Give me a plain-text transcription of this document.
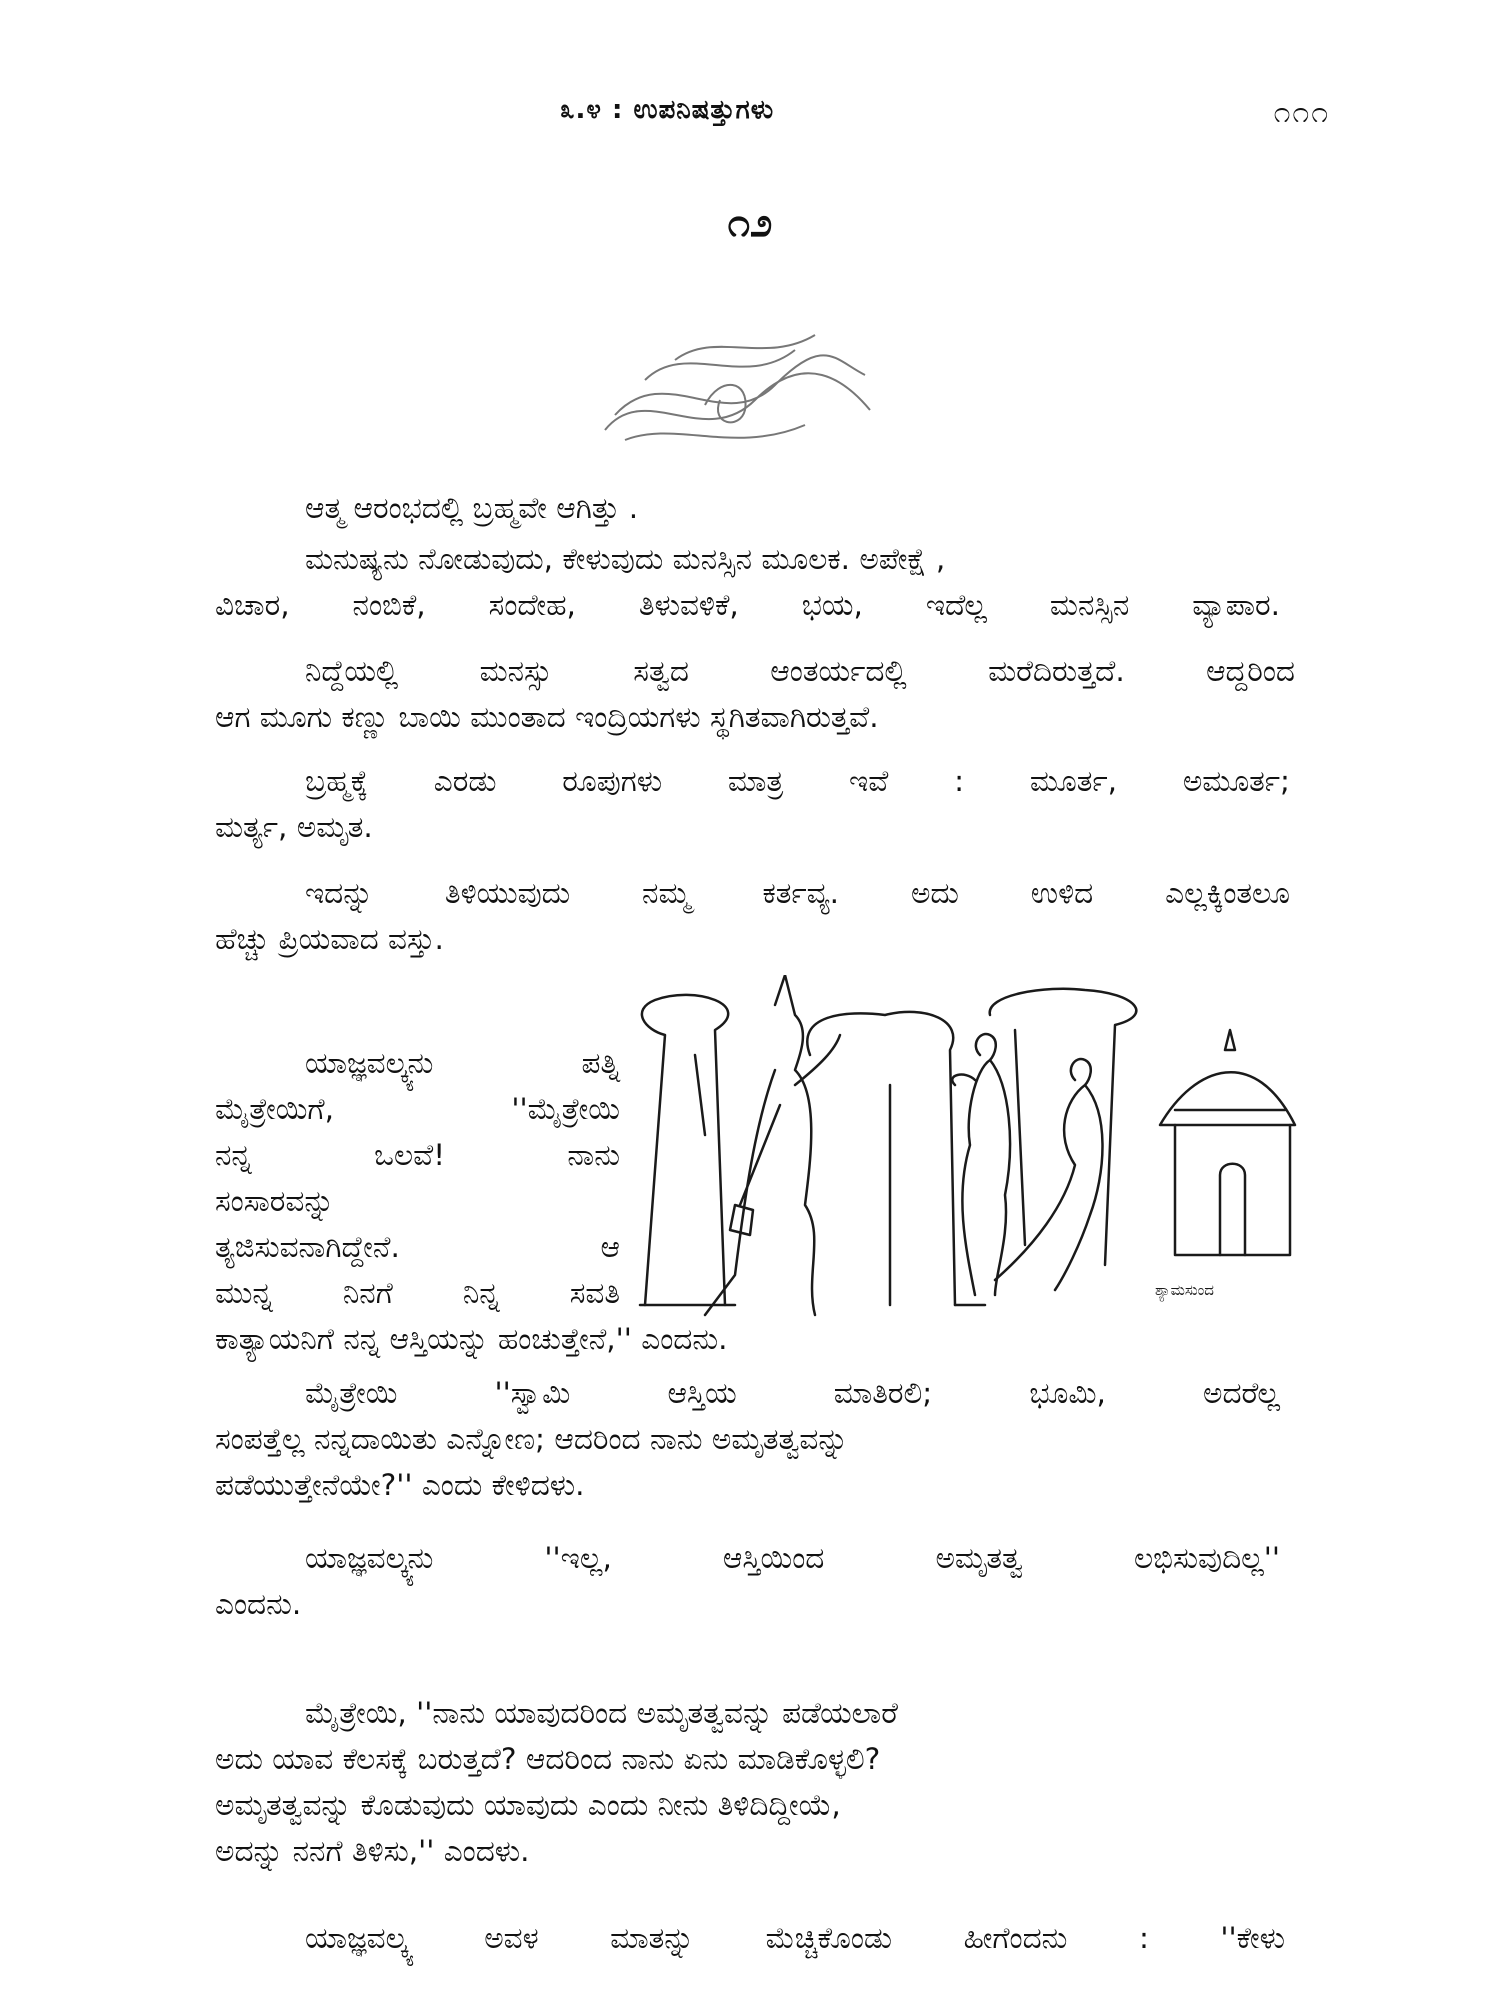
೩.೪ : ಉಪನಿಷತ್ತುಗಳು	೧೧೧
೧೨
ಆತ್ಮ ಆರಂಭದಲ್ಲಿ ಬ್ರಹ್ಮವೇ ಆಗಿತ್ತು .
ಮನುಷ್ಯನು ನೋಡುವುದು, ಕೇಳುವುದು ಮನಸ್ಸಿನ ಮೂಲಕ. ಅಪೇಕ್ಷೆ ,
ವಿಚಾರ, ನಂಬಿಕೆ, ಸಂದೇಹ, ತಿಳುವಳಿಕೆ, ಭಯ, ಇದೆಲ್ಲ ಮನಸ್ಸಿನ ವ್ಯಾಪಾರ.
ನಿದ್ದೆಯಲ್ಲಿ ಮನಸ್ಸು ಸತ್ವದ ಆಂತರ್ಯದಲ್ಲಿ ಮರೆದಿರುತ್ತದೆ. ಆದ್ದರಿಂದ
ಆಗ ಮೂಗು ಕಣ್ಣು ಬಾಯಿ ಮುಂತಾದ ಇಂದ್ರಿಯಗಳು ಸ್ಥಗಿತವಾಗಿರುತ್ತವೆ.
ಬ್ರಹ್ಮಕ್ಕೆ ಎರಡು ರೂಪುಗಳು ಮಾತ್ರ ಇವೆ : ಮೂರ್ತ, ಅಮೂರ್ತ;
ಮರ್ತ್ಯ, ಅಮೃತ.
ಇದನ್ನು ತಿಳಿಯುವುದು ನಮ್ಮ ಕರ್ತವ್ಯ. ಅದು ಉಳಿದ ಎಲ್ಲಕ್ಕಿಂತಲೂ
ಹೆಚ್ಚು ಪ್ರಿಯವಾದ ವಸ್ತು.
ಯಾಜ್ಞವಲ್ಕ್ಯನು ಪತ್ನಿ
ಮೈತ್ರೇಯಿಗೆ, ''ಮೈತ್ರೇಯಿ
ನನ್ನ ಒಲವೆ! ನಾನು
ಸಂಸಾರವನ್ನು
ತ್ಯಜಿಸುವನಾಗಿದ್ದೇನೆ. ಆ
ಮುನ್ನ ನಿನಗೆ ನಿನ್ನ ಸವತಿ
ಕಾತ್ಯಾಯನಿಗೆ ನನ್ನ ಆಸ್ತಿಯನ್ನು ಹಂಚುತ್ತೇನೆ,'' ಎಂದನು.
ಮೈತ್ರೇಯಿ ''ಸ್ವಾಮಿ ಆಸ್ತಿಯ ಮಾತಿರಲಿ; ಭೂಮಿ, ಅದರೆಲ್ಲ
ಸಂಪತ್ತೆಲ್ಲ ನನ್ನದಾಯಿತು ಎನ್ನೋಣ; ಆದರಿಂದ ನಾನು ಅಮೃತತ್ವವನ್ನು
ಪಡೆಯುತ್ತೇನೆಯೇ?'' ಎಂದು ಕೇಳಿದಳು.
ಯಾಜ್ಞವಲ್ಕ್ಯನು ''ಇಲ್ಲ, ಆಸ್ತಿಯಿಂದ ಅಮೃತತ್ವ ಲಭಿಸುವುದಿಲ್ಲ''
ಎಂದನು.
ಮೈತ್ರೇಯಿ, ''ನಾನು ಯಾವುದರಿಂದ ಅಮೃತತ್ವವನ್ನು ಪಡೆಯಲಾರೆ
ಅದು ಯಾವ ಕೆಲಸಕ್ಕೆ ಬರುತ್ತದೆ? ಆದರಿಂದ ನಾನು ಏನು ಮಾಡಿಕೊಳ್ಳಲಿ?
ಅಮೃತತ್ವವನ್ನು ಕೊಡುವುದು ಯಾವುದು ಎಂದು ನೀನು ತಿಳಿದಿದ್ದೀಯೆ,
ಅದನ್ನು ನನಗೆ ತಿಳಿಸು,'' ಎಂದಳು.
ಯಾಜ್ಞವಲ್ಕ್ಯ ಅವಳ ಮಾತನ್ನು ಮೆಚ್ಚಿಕೊಂಡು ಹೀಗೆಂದನು : ''ಕೇಳು
ಶ್ಯಾಮಸುಂದ
